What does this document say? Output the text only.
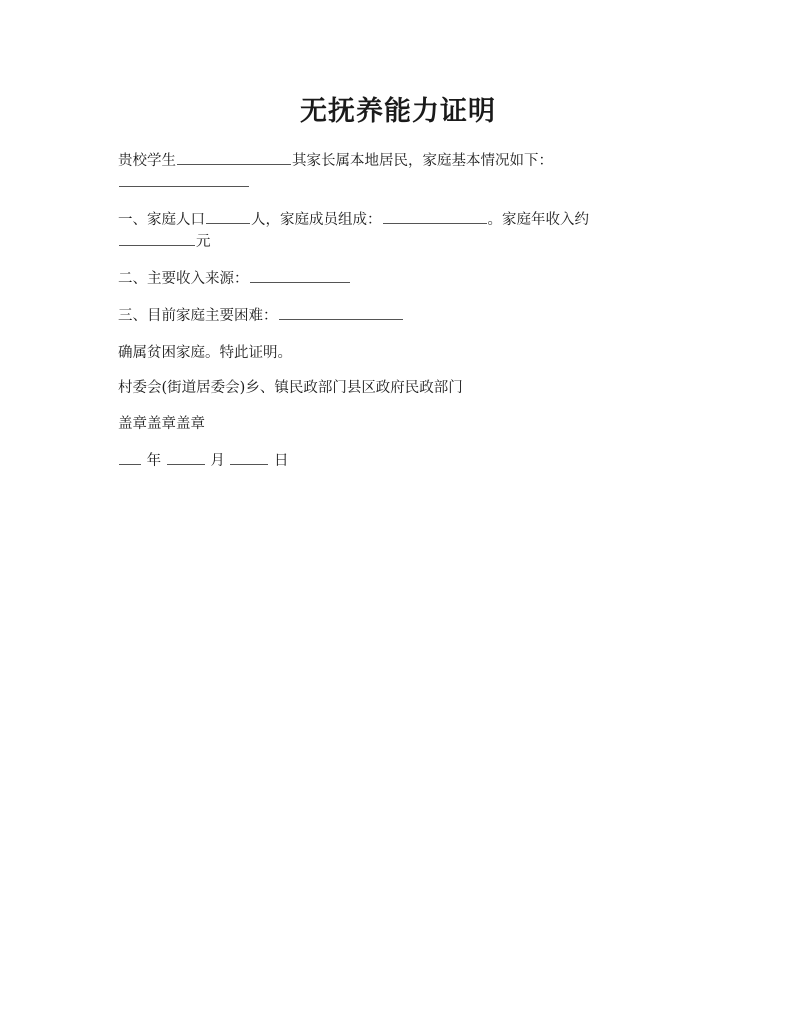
无抚养能力证明
贵校学生	其家长属本地居民，家庭基本情况如下：
一、家庭人口	人，家庭成员组成：	。家庭年收入约
元
二、主要收入来源：
三、目前家庭主要困难：
确属贫困家庭。特此证明。
村委会(街道居委会)乡、镇民政部门县区政府民政部门
盖章盖章盖章
年	月	日
